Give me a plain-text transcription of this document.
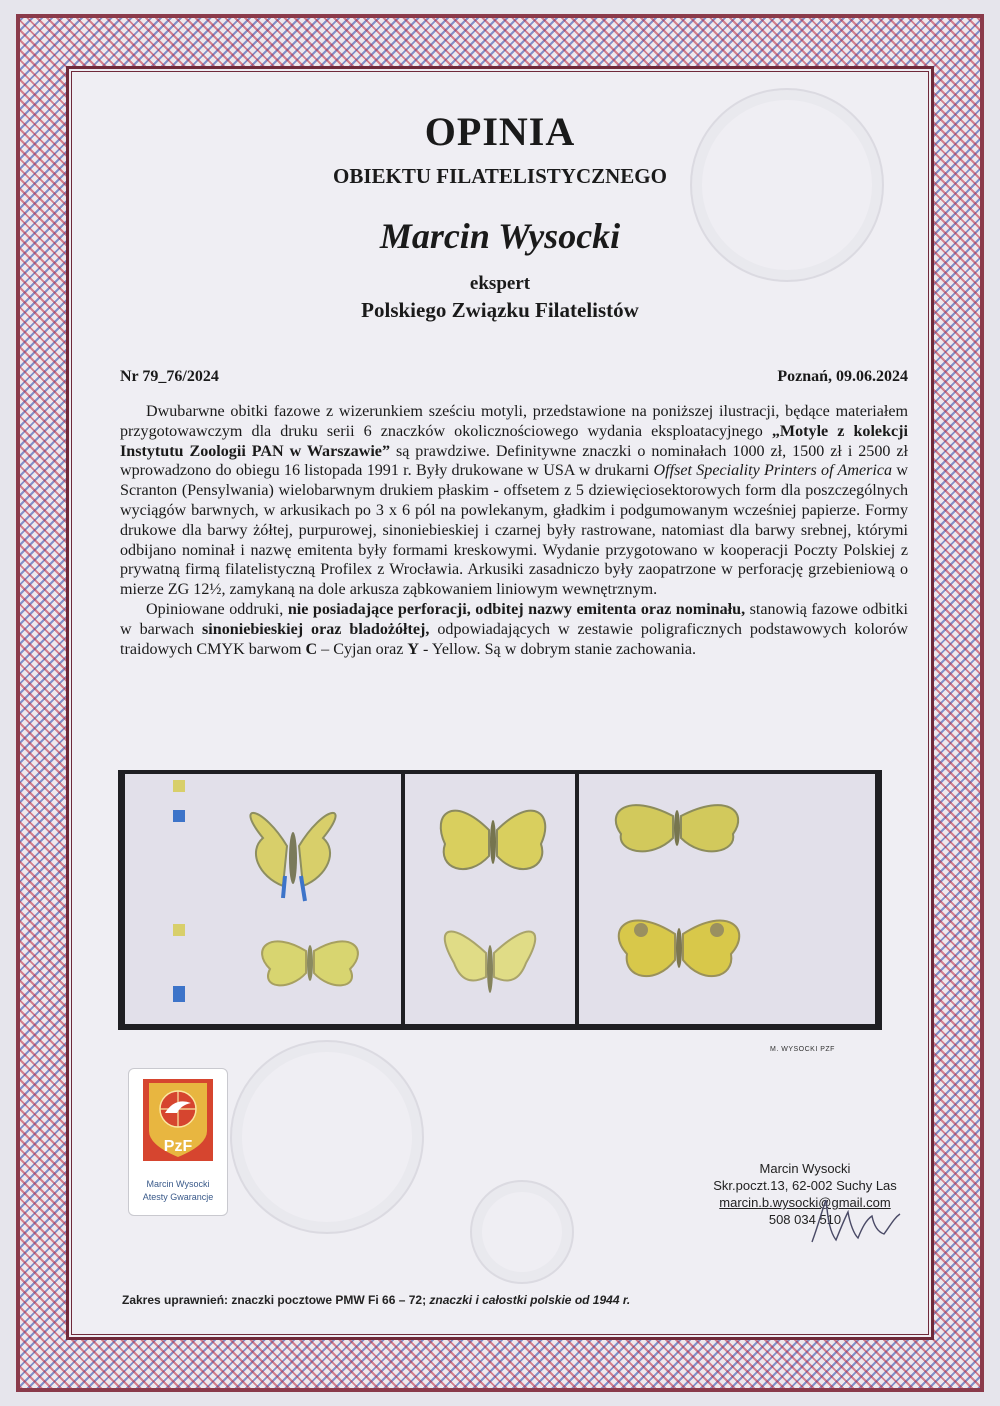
OPINIA
OBIEKTU FILATELISTYCZNEGO
Marcin Wysocki
ekspert
Polskiego Związku Filatelistów
Nr 79_76/2024	Poznań, 09.06.2024

Dwubarwne obitki fazowe z wizerunkiem sześciu motyli, przedstawione na poniższej ilustracji, będące materiałem przygotowawczym dla druku serii 6 znaczków okolicznościowego wydania eksploatacyjnego „Motyle z kolekcji Instytutu Zoologii PAN w Warszawie” są prawdziwe. Definitywne znaczki o nominałach 1000 zł, 1500 zł i 2500 zł wprowadzono do obiegu 16 listopada 1991 r. Były drukowane w USA w drukarni Offset Speciality Printers of America w Scranton (Pensylwania) wielobarwnym drukiem płaskim - offsetem z 5 dziewięciosektorowych form dla poszczególnych wyciągów barwnych, w arkusikach po 3 x 6 pól na powlekanym, gładkim i podgumowanym wcześniej papierze. Formy drukowe dla barwy żółtej, purpurowej, sinoniebieskiej i czarnej były rastrowane, natomiast dla barwy srebnej, którymi odbijano nominał i nazwę emitenta były formami kreskowymi. Wydanie przygotowano w kooperacji Poczty Polskiej z prywatną firmą filatelistyczną Profilex z Wrocławia. Arkusiki zasadniczo były zaopatrzone w perforację grzebieniową o mierze ZG 12½, zamykaną na dole arkusza ząbkowaniem liniowym wewnętrznym.

Opiniowane oddruki, nie posiadające perforacji, odbitej nazwy emitenta oraz nominału, stanowią fazowe odbitki w barwach sinoniebieskiej oraz bladożółtej, odpowiadających w zestawie poligraficznych podstawowych kolorów traidowych CMYK barwom C – Cyjan oraz Y - Yellow. Są w dobrym stanie zachowania.

M. WYSOCKI PZF
PzF
Marcin Wysocki
Atesty Gwarancje
Marcin Wysocki
Skr.poczt.13, 62-002 Suchy Las
marcin.b.wysocki@gmail.com
508 034 510
Zakres uprawnień: znaczki pocztowe PMW Fi 66 – 72; znaczki i całostki polskie od 1944 r.
